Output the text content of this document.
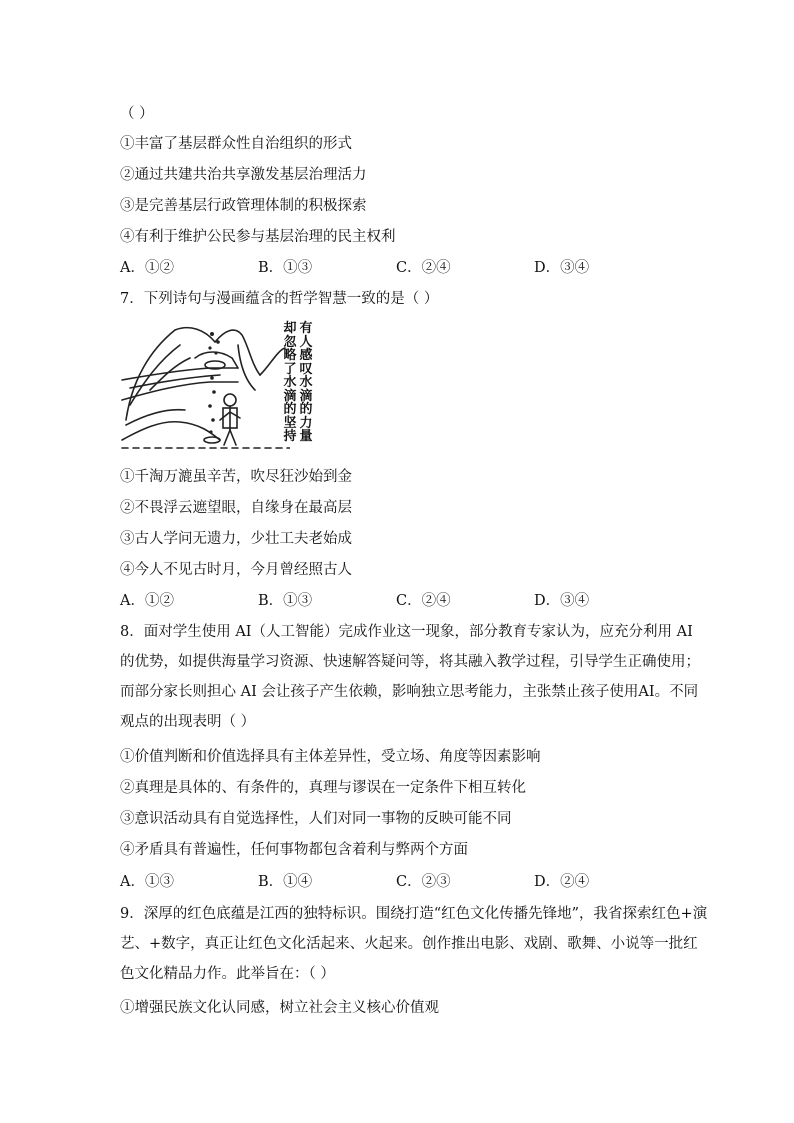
（ ）
①丰富了基层群众性自治组织的形式
②通过共建共治共享激发基层治理活力
③是完善基层行政管理体制的积极探索
④有利于维护公民参与基层治理的民主权利
A．①②	B．①③	C．②④	D．③④
7．下列诗句与漫画蕴含的哲学智慧一致的是（ ）
有人感叹水滴的力量
却忽略了水滴的坚持
①千淘万漉虽辛苦，吹尽狂沙始到金
②不畏浮云遮望眼，自缘身在最高层
③古人学问无遗力，少壮工夫老始成
④今人不见古时月，今月曾经照古人
A．①②	B．①③	C．②④	D．③④
8．面对学生使用 AI（人工智能）完成作业这一现象，部分教育专家认为，应充分利用 AI
的优势，如提供海量学习资源、快速解答疑问等，将其融入教学过程，引导学生正确使用；
而部分家长则担心 AI 会让孩子产生依赖，影响独立思考能力，主张禁止孩子使用AI。不同
观点的出现表明（ ）
①价值判断和价值选择具有主体差异性，受立场、角度等因素影响
②真理是具体的、有条件的，真理与谬误在一定条件下相互转化
③意识活动具有自觉选择性，人们对同一事物的反映可能不同
④矛盾具有普遍性，任何事物都包含着利与弊两个方面
A．①③	B．①④	C．②③	D．②④
9．深厚的红色底蕴是江西的独特标识。围绕打造“红色文化传播先锋地”，我省探索红色+演
艺、+数字，真正让红色文化活起来、火起来。创作推出电影、戏剧、歌舞、小说等一批红
色文化精品力作。此举旨在：（ ）
①增强民族文化认同感，树立社会主义核心价值观
